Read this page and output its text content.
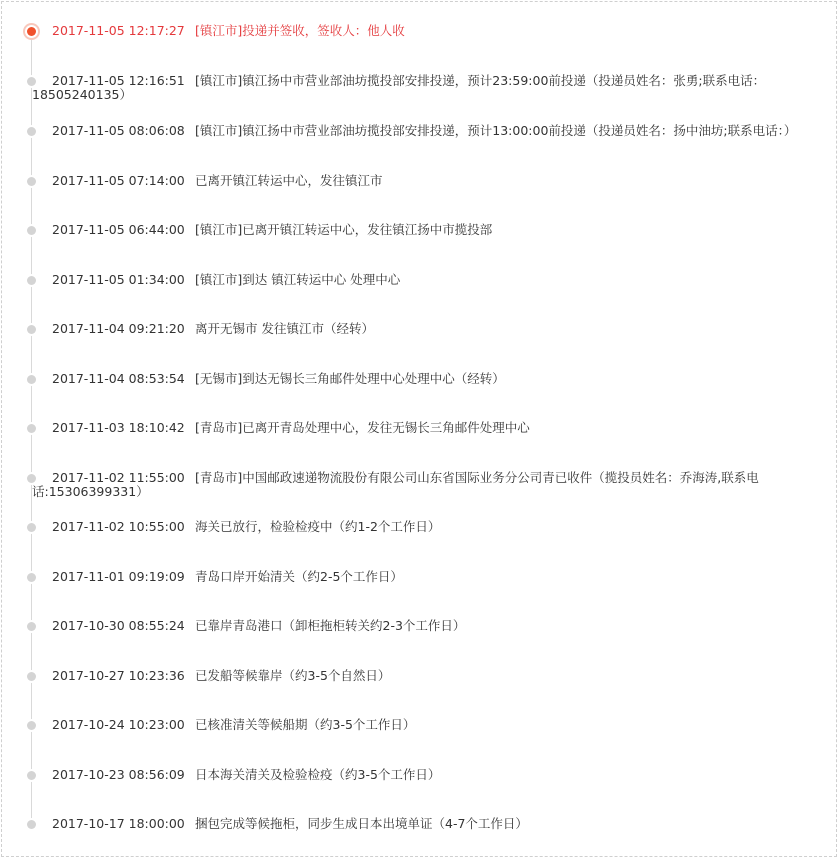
2017-11-05 12:17:27 [镇江市]投递并签收，签收人：他人收
2017-11-05 12:16:51 [镇江市]镇江扬中市营业部油坊揽投部安排投递，预计23:59:00前投递（投递员姓名：张勇;联系电话：
18505240135）
2017-11-05 08:06:08 [镇江市]镇江扬中市营业部油坊揽投部安排投递，预计13:00:00前投递（投递员姓名：扬中油坊;联系电话：）
2017-11-05 07:14:00 已离开镇江转运中心，发往镇江市
2017-11-05 06:44:00 [镇江市]已离开镇江转运中心，发往镇江扬中市揽投部
2017-11-05 01:34:00 [镇江市]到达 镇江转运中心 处理中心
2017-11-04 09:21:20 离开无锡市 发往镇江市（经转）
2017-11-04 08:53:54 [无锡市]到达无锡长三角邮件处理中心处理中心（经转）
2017-11-03 18:10:42 [青岛市]已离开青岛处理中心，发往无锡长三角邮件处理中心
2017-11-02 11:55:00 [青岛市]中国邮政速递物流股份有限公司山东省国际业务分公司青已收件（揽投员姓名：乔海涛,联系电
话:15306399331）
2017-11-02 10:55:00 海关已放行，检验检疫中（约1-2个工作日）
2017-11-01 09:19:09 青岛口岸开始清关（约2-5个工作日）
2017-10-30 08:55:24 已靠岸青岛港口（卸柜拖柜转关约2-3个工作日）
2017-10-27 10:23:36 已发船等候靠岸（约3-5个自然日）
2017-10-24 10:23:00 已核准清关等候船期（约3-5个工作日）
2017-10-23 08:56:09 日本海关清关及检验检疫（约3-5个工作日）
2017-10-17 18:00:00 捆包完成等候拖柜，同步生成日本出境单证（4-7个工作日）
